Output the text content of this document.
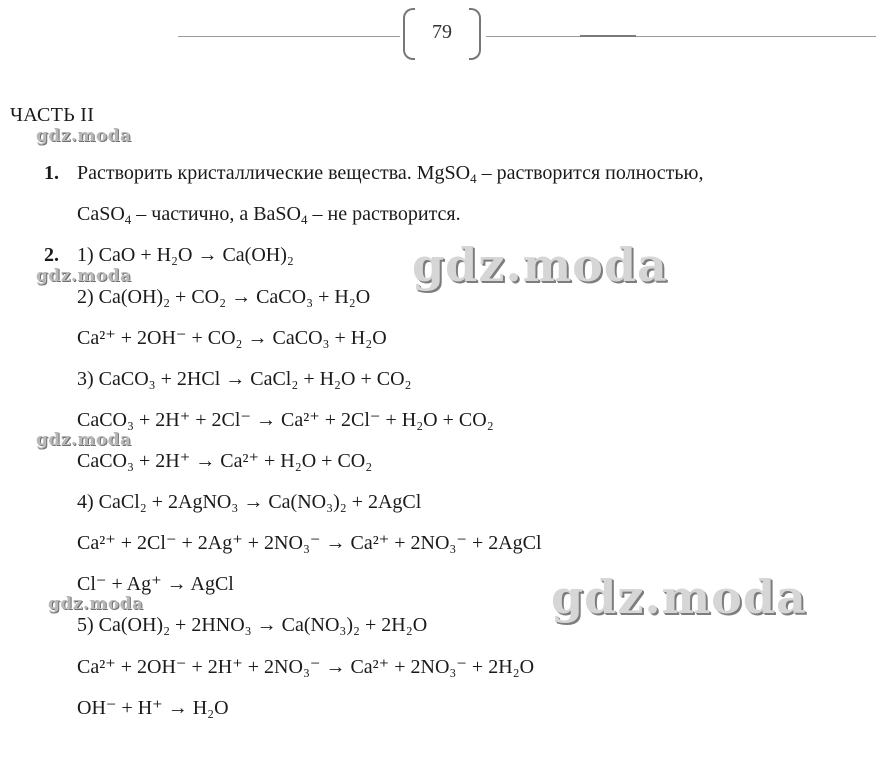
79
ЧАСТЬ II
1. Растворить кристаллические вещества. MgSO$_4$ – растворится полностью,
CaSO$_4$ – частично, а BaSO$_4$ – не растворится.
2. 1) CaO + H₂O → Ca(OH)₂
2) Ca(OH)₂ + CO₂ → CaCO₃ + H₂O
Ca²⁺ + 2OH⁻ + CO₂ → CaCO₃ + H₂O
3) CaCO₃ + 2HCl → CaCl₂ + H₂O + CO₂
CaCO₃ + 2H⁺ + 2Cl⁻ → Ca²⁺ + 2Cl⁻ + H₂O + CO₂
CaCO₃ + 2H⁺ → Ca²⁺ + H₂O + CO₂
4) CaCl₂ + 2AgNO₃ → Ca(NO₃)₂ + 2AgCl
Ca²⁺ + 2Cl⁻ + 2Ag⁺ + 2NO₃⁻ → Ca²⁺ + 2NO₃⁻ + 2AgCl
Cl⁻ + Ag⁺ → AgCl
5) Ca(OH)₂ + 2HNO₃ → Ca(NO₃)₂ + 2H₂O
Ca²⁺ + 2OH⁻ + 2H⁺ + 2NO₃⁻ → Ca²⁺ + 2NO₃⁻ + 2H₂O
OH⁻ + H⁺ → H₂O
gdz.moda
gdz.moda
gdz.moda
gdz.moda
gdz.moda
gdz.moda
